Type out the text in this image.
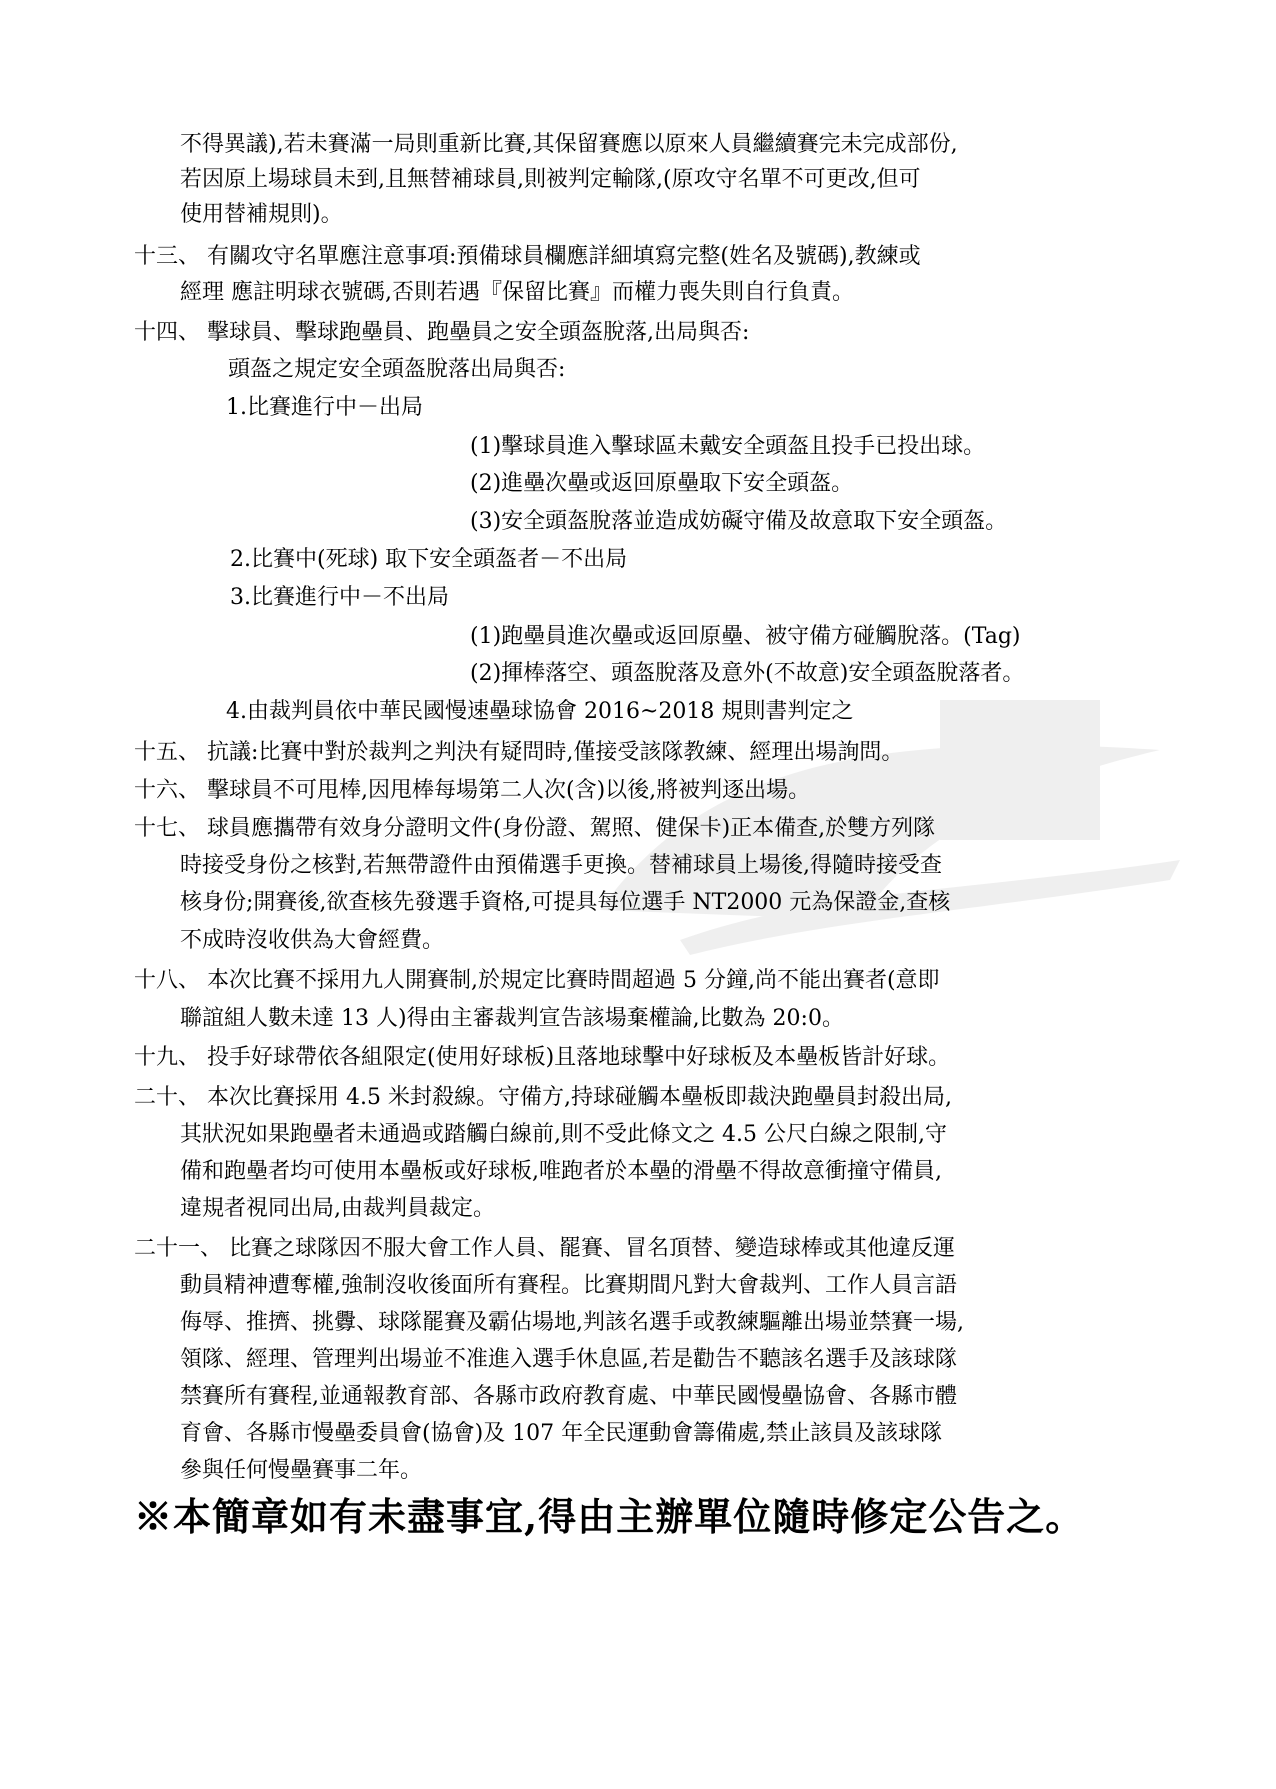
不得異議),若未賽滿一局則重新比賽,其保留賽應以原來人員繼續賽完未完成部份,
若因原上場球員未到,且無替補球員,則被判定輸隊,(原攻守名單不可更改,但可
使用替補規則)。
十三、 有關攻守名單應注意事項:預備球員欄應詳細填寫完整(姓名及號碼),教練或
經理 應註明球衣號碼,否則若遇『保留比賽』而權力喪失則自行負責。
十四、 擊球員、擊球跑壘員、跑壘員之安全頭盔脫落,出局與否:
頭盔之規定安全頭盔脫落出局與否:
1.比賽進行中－出局
(1)擊球員進入擊球區未戴安全頭盔且投手已投出球。
(2)進壘次壘或返回原壘取下安全頭盔。
(3)安全頭盔脫落並造成妨礙守備及故意取下安全頭盔。
2.比賽中(死球) 取下安全頭盔者－不出局
3.比賽進行中－不出局
(1)跑壘員進次壘或返回原壘、被守備方碰觸脫落。(Tag)
(2)揮棒落空、頭盔脫落及意外(不故意)安全頭盔脫落者。
4.由裁判員依中華民國慢速壘球協會 2016~2018 規則書判定之
十五、 抗議:比賽中對於裁判之判決有疑問時,僅接受該隊教練、經理出場詢問。
十六、 擊球員不可甩棒,因甩棒每場第二人次(含)以後,將被判逐出場。
十七、 球員應攜帶有效身分證明文件(身份證、駕照、健保卡)正本備查,於雙方列隊
時接受身份之核對,若無帶證件由預備選手更換。替補球員上場後,得隨時接受查
核身份;開賽後,欲查核先發選手資格,可提具每位選手 NT2000 元為保證金,查核
不成時沒收供為大會經費。
十八、 本次比賽不採用九人開賽制,於規定比賽時間超過 5 分鐘,尚不能出賽者(意即
聯誼組人數未達 13 人)得由主審裁判宣告該場棄權論,比數為 20:0。
十九、 投手好球帶依各組限定(使用好球板)且落地球擊中好球板及本壘板皆計好球。
二十、 本次比賽採用 4.5 米封殺線。守備方,持球碰觸本壘板即裁決跑壘員封殺出局,
其狀況如果跑壘者未通過或踏觸白線前,則不受此條文之 4.5 公尺白線之限制,守
備和跑壘者均可使用本壘板或好球板,唯跑者於本壘的滑壘不得故意衝撞守備員,
違規者視同出局,由裁判員裁定。
二十一、 比賽之球隊因不服大會工作人員、罷賽、冒名頂替、變造球棒或其他違反運
動員精神遭奪權,強制沒收後面所有賽程。比賽期間凡對大會裁判、工作人員言語
侮辱、推擠、挑釁、球隊罷賽及霸佔場地,判該名選手或教練驅離出場並禁賽一場,
領隊、經理、管理判出場並不准進入選手休息區,若是勸告不聽該名選手及該球隊
禁賽所有賽程,並通報教育部、各縣市政府教育處、中華民國慢壘協會、各縣市體
育會、各縣市慢壘委員會(協會)及 107 年全民運動會籌備處,禁止該員及該球隊
參與任何慢壘賽事二年。
※本簡章如有未盡事宜,得由主辦單位隨時修定公告之。
